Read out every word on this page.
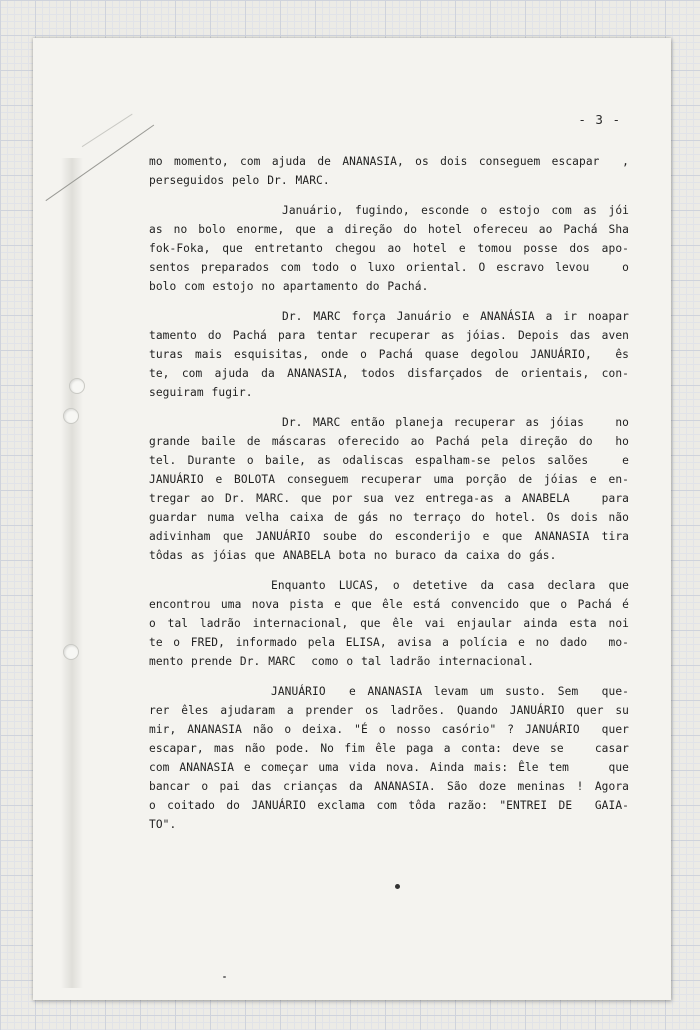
- 3 -
mo momento, com ajuda de ANANASIA, os dois conseguem escapar  ,
perseguidos pelo Dr. MARC.
Januário, fugindo, esconde o estojo com as jói
as no bolo enorme, que a direção do hotel ofereceu ao Pachá Sha
fok-Foka, que entretanto chegou ao hotel e tomou posse dos apo-
sentos preparados com todo o luxo oriental. O escravo levou   o
bolo com estojo no apartamento do Pachá.
Dr. MARC força Januário e ANANÁSIA a ir noapar
tamento do Pachá para tentar recuperar as jóias. Depois das aven
turas mais esquisitas, onde o Pachá quase degolou JANUÁRIO,  ês
te, com ajuda da ANANASIA, todos disfarçados de orientais, con-
seguiram fugir.
Dr. MARC então planeja recuperar as jóias   no
grande baile de máscaras oferecido ao Pachá pela direção do  ho
tel. Durante o baile, as odaliscas espalham-se pelos salões   e
JANUÁRIO e BOLOTA conseguem recuperar uma porção de jóias e en-
tregar ao Dr. MARC. que por sua vez entrega-as a ANABELA   para
guardar numa velha caixa de gás no terraço do hotel. Os dois não
adivinham que JANUÁRIO soube do esconderijo e que ANANASIA tira
tôdas as jóias que ANABELA bota no buraco da caixa do gás.
Enquanto LUCAS, o detetive da casa declara que
encontrou uma nova pista e que êle está convencido que o Pachá é
o tal ladrão internacional, que êle vai enjaular ainda esta noi
te o FRED, informado pela ELISA, avisa a polícia e no dado  mo-
mento prende Dr. MARC  como o tal ladrão internacional.
JANUÁRIO  e ANANASIA levam um susto. Sem  que-
rer êles ajudaram a prender os ladrões. Quando JANUÁRIO quer su
mir, ANANASIA não o deixa. "É o nosso casório" ? JANUÁRIO  quer
escapar, mas não pode. No fim êle paga a conta: deve se   casar
com ANANASIA e começar uma vida nova. Ainda mais: Êle tem    que
bancar o pai das crianças da ANANASIA. São doze meninas ! Agora
o coitado do JANUÁRIO exclama com tôda razão: "ENTREI DE  GAIA-
TO".
